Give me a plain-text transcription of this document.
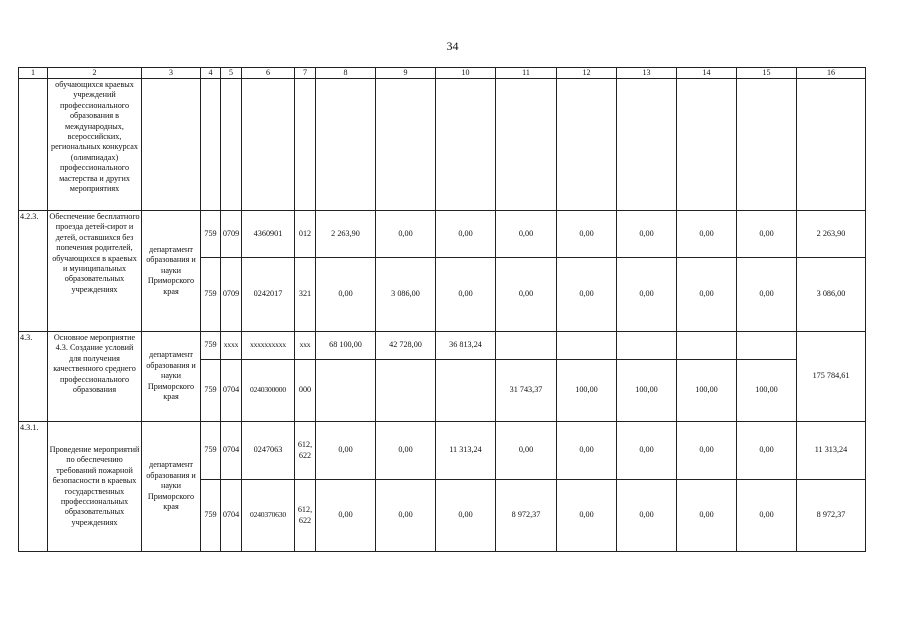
34
1	2	3	4	5	6	7	8	9	10	11	12	13	14	15	16
	обучающихся краевых учреждений профессионального образования в международных, всероссийских, региональных конкурсах (олимпиадах) профессионального мастерства и других мероприятиях														
4.2.3.	Обеспечение бесплатного проезда детей-сирот и детей, оставшихся без попечения родителей, обучающихся в краевых и муниципальных образовательных учреждениях	департамент образования и науки Приморского края	759	0709	4360901	012	2 263,90	0,00	0,00	0,00	0,00	0,00	0,00	0,00	2 263,90
			759	0709	0242017	321	0,00	3 086,00	0,00	0,00	0,00	0,00	0,00	0,00	3 086,00
4.3.	Основное мероприятие 4.3. Создание условий для получения качественного среднего профессионального образования	департамент образования и науки Приморского края	759	xxxx	xxxxxxxxxx	xxx	68 100,00	42 728,00	36 813,24						175 784,61
			759	0704	0240300000	000				31 743,37	100,00	100,00	100,00	100,00	
4.3.1.	Проведение мероприятий по обеспечению требований пожарной безопасности в краевых государственных профессиональных образовательных учреждениях	департамент образования и науки Приморского края	759	0704	0247063	612, 622	0,00	0,00	11 313,24	0,00	0,00	0,00	0,00	0,00	11 313,24
			759	0704	0240370630	612, 622	0,00	0,00	0,00	8 972,37	0,00	0,00	0,00	0,00	8 972,37
